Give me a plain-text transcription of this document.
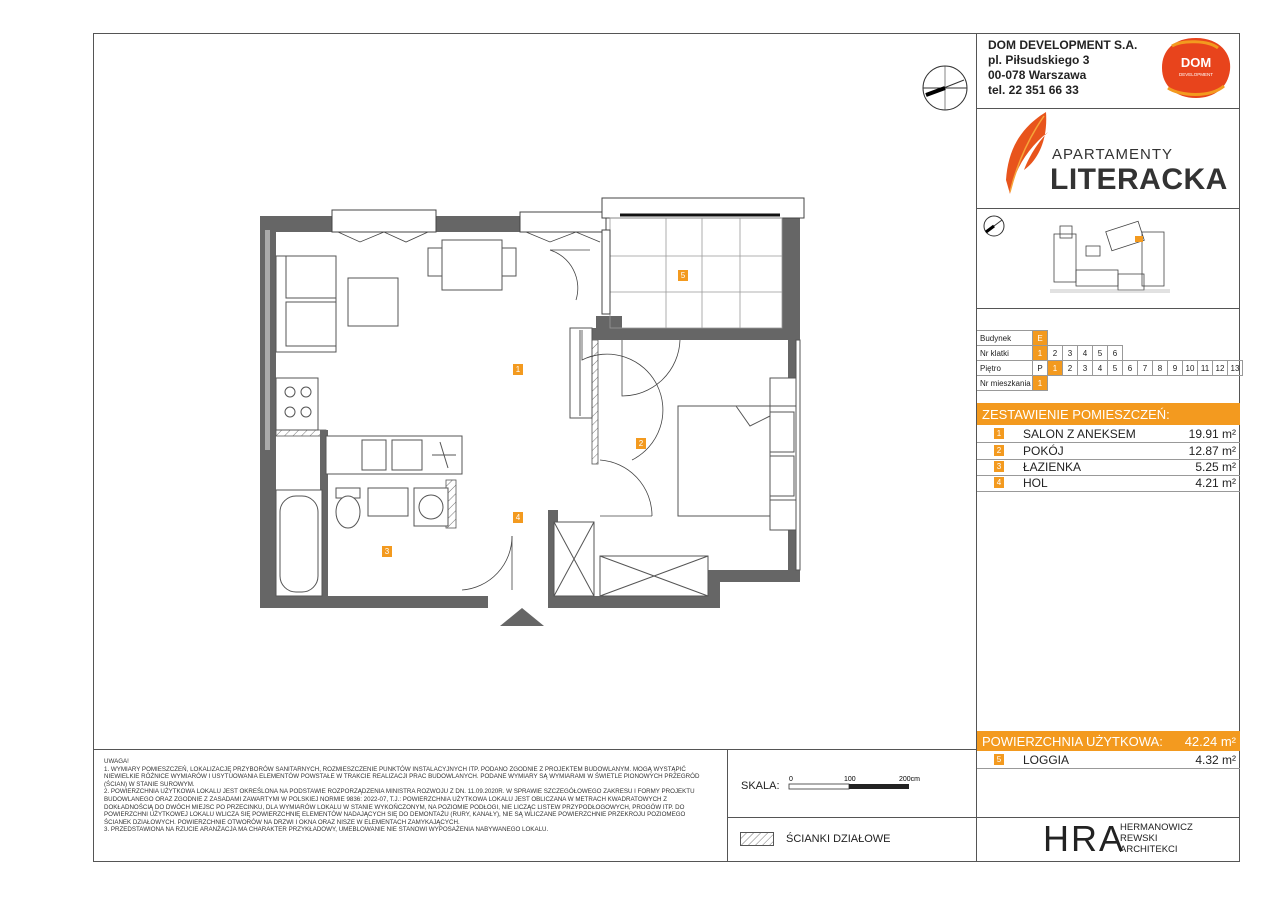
DOM DEVELOPMENT S.A.
pl. Piłsudskiego 3
00-078 Warszawa
tel. 22 351 66 33
DOM
DEVELOPMENT
APARTAMENTY
LITERACKA
Budynek	E													
Nr klatki	1	2	3	4	5	6								
Piętro	P	1	2	3	4	5	6	7	8	9	10	11	12	13
Nr mieszkania	1													
ZESTAWIENIE POMIESZCZEŃ:
1 SALON Z ANEKSEM	19.91 m²
2 POKÓJ	12.87 m²
3 ŁAZIENKA	5.25 m²
4 HOL	4.21 m²
POWIERZCHNIA UŻYTKOWA: 42.24 m²
5 LOGGIA	4.32 m²
1
2
3
4
5
UWAGA!
1. WYMIARY POMIESZCZEŃ, LOKALIZACJĘ PRZYBORÓW SANITARNYCH, ROZMIESZCZENIE PUNKTÓW INSTALACYJNYCH ITP. PODANO ZGODNIE Z PROJEKTEM BUDOWLANYM. MOGĄ WYSTĄPIĆ NIEWIELKIE RÓŻNICE WYMIARÓW I USYTUOWANIA ELEMENTÓW POWSTAŁE W TRAKCIE REALIZACJI PRAC BUDOWLANYCH. PODANE WYMIARY SĄ WYMIARAMI W ŚWIETLE PIONOWYCH PRZEGRÓD (ŚCIAN) W STANIE SUROWYM.
2. POWIERZCHNIA UŻYTKOWA LOKALU JEST OKREŚLONA NA PODSTAWIE ROZPORZĄDZENIA MINISTRA ROZWOJU Z DN. 11.09.2020R. W SPRAWIE SZCZEGÓŁOWEGO ZAKRESU I FORMY PROJEKTU BUDOWLANEGO ORAZ ZGODNIE Z ZASADAMI ZAWARTYMI W POLSKIEJ NORMIE 9836: 2022-07, T.J.: POWIERZCHNIA UŻYTKOWA LOKALU JEST OBLICZANA W METRACH KWADRATOWYCH Z DOKŁADNOŚCIĄ DO DWÓCH MIEJSC PO PRZECINKU, DLA WYMIARÓW LOKALU W STANIE WYKOŃCZONYM, NA POZIOMIE PODŁOGI, NIE LICZĄC LISTEW PRZYPODŁOGOWYCH, PROGÓW ITP. DO POWIERZCHNI UŻYTKOWEJ LOKALU WLICZA SIĘ POWIERZCHNIĘ ELEMENTÓW NADAJĄCYCH SIĘ DO DEMONTAŻU (RURY, KANAŁY), NIE SĄ WLICZANE POWIERZCHNIE PRZEKROJU POZIOMEGO ŚCIANEK DZIAŁOWYCH. POWIERZCHNIE OTWORÓW NA DRZWI I OKNA ORAZ NISZE W ELEMENTACH ZAMYKAJĄCYCH.
3. PRZEDSTAWIONA NA RZUCIE ARANŻACJA MA CHARAKTER PRZYKŁADOWY, UMEBLOWANIE NIE STANOWI WYPOSAŻENIA NABYWANEGO LOKALU.
SKALA:
0	100	200cm
ŚCIANKI DZIAŁOWE	HRA
HERMANOWICZ
REWSKI
ARCHITEKCI
